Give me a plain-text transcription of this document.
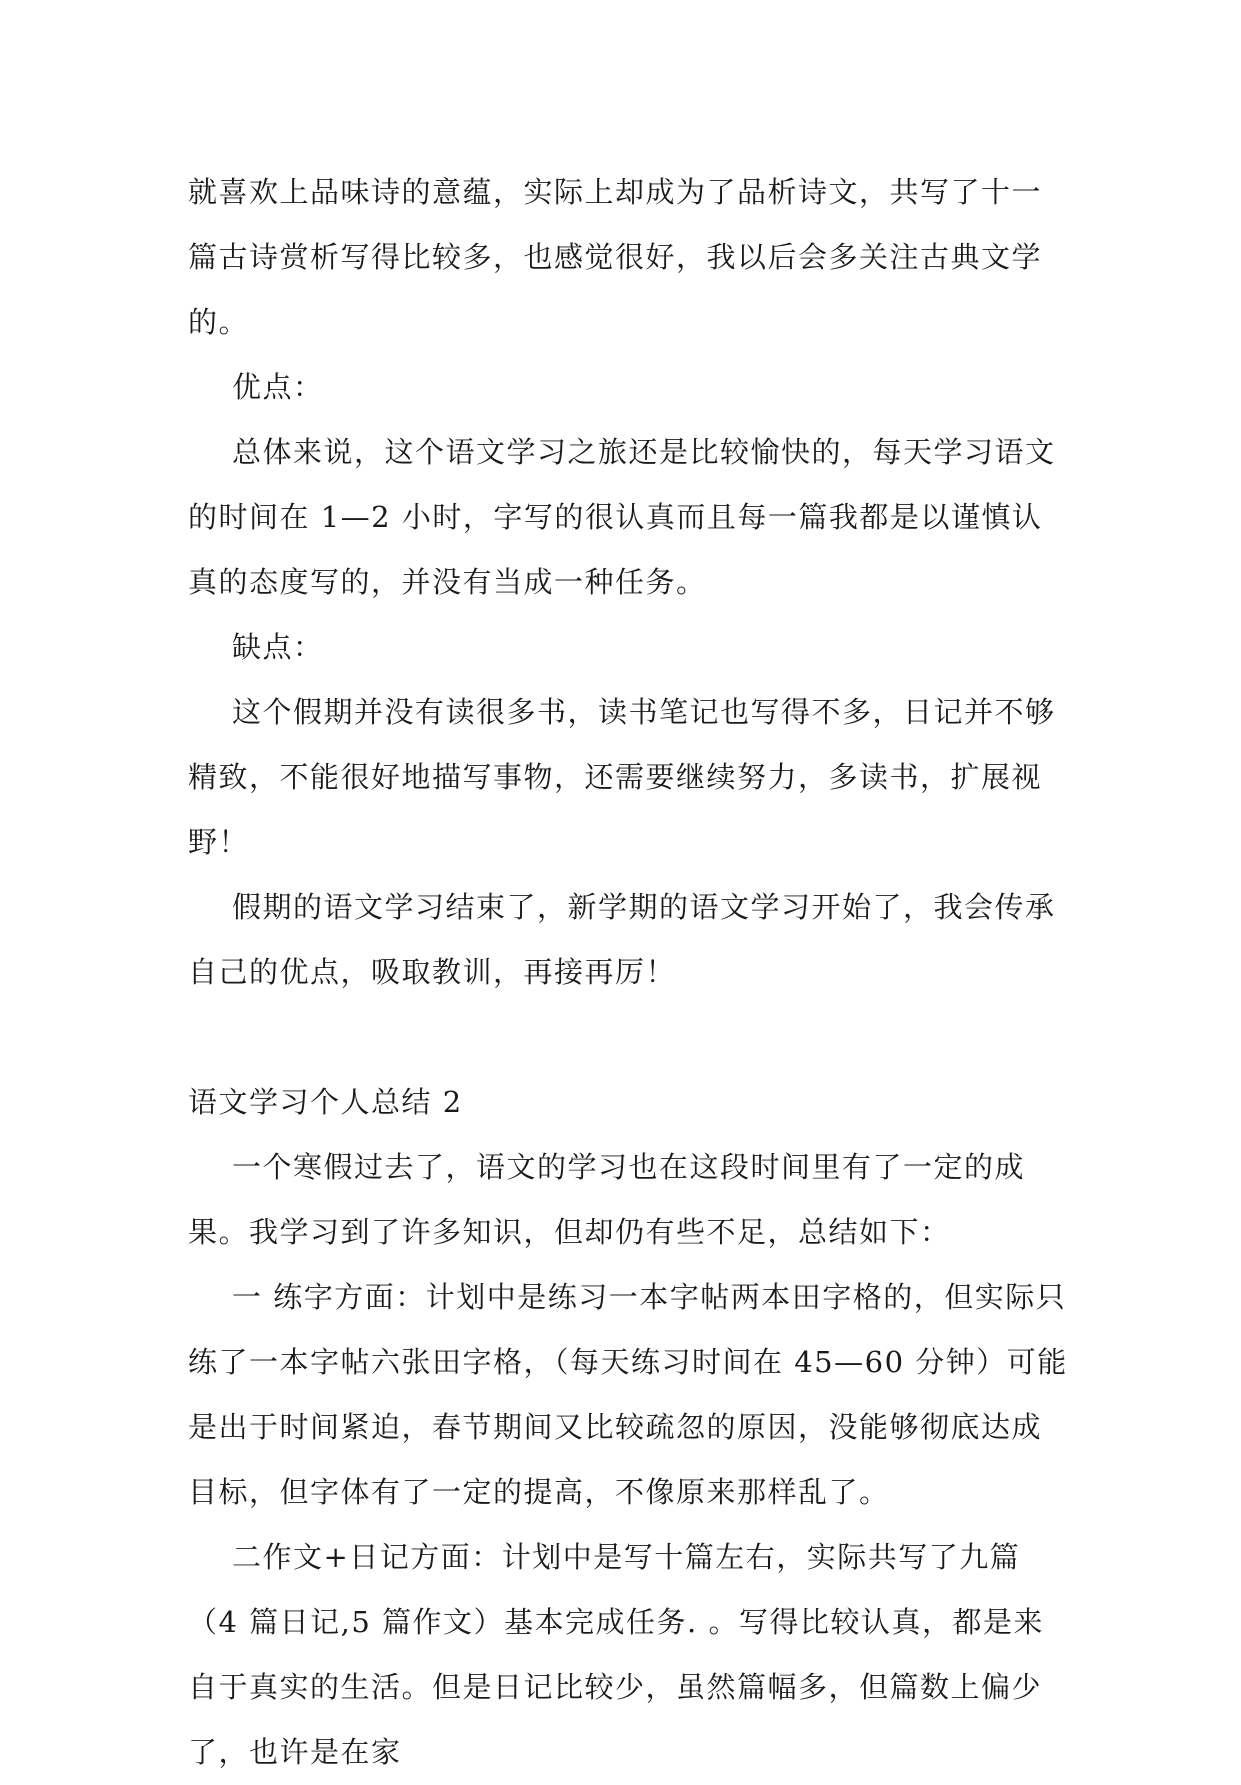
就喜欢上品味诗的意蕴，实际上却成为了品析诗文，共写了十一篇古诗赏析写得比较多，也感觉很好，我以后会多关注古典文学的。

优点：

总体来说，这个语文学习之旅还是比较愉快的，每天学习语文的时间在 1—2 小时，字写的很认真而且每一篇我都是以谨慎认真的态度写的，并没有当成一种任务。

缺点：

这个假期并没有读很多书，读书笔记也写得不多，日记并不够精致，不能很好地描写事物，还需要继续努力，多读书，扩展视野！

假期的语文学习结束了，新学期的语文学习开始了，我会传承自己的优点，吸取教训，再接再厉！

语文学习个人总结 2

一个寒假过去了，语文的学习也在这段时间里有了一定的成果。我学习到了许多知识，但却仍有些不足，总结如下：

一 练字方面：计划中是练习一本字帖两本田字格的，但实际只练了一本字帖六张田字格，（每天练习时间在 45—60 分钟）可能是出于时间紧迫，春节期间又比较疏忽的原因，没能够彻底达成目标，但字体有了一定的提高，不像原来那样乱了。

二作文+日记方面：计划中是写十篇左右，实际共写了九篇（4 篇日记,5 篇作文）基本完成任务. 。写得比较认真，都是来自于真实的生活。但是日记比较少，虽然篇幅多，但篇数上偏少了，也许是在家
